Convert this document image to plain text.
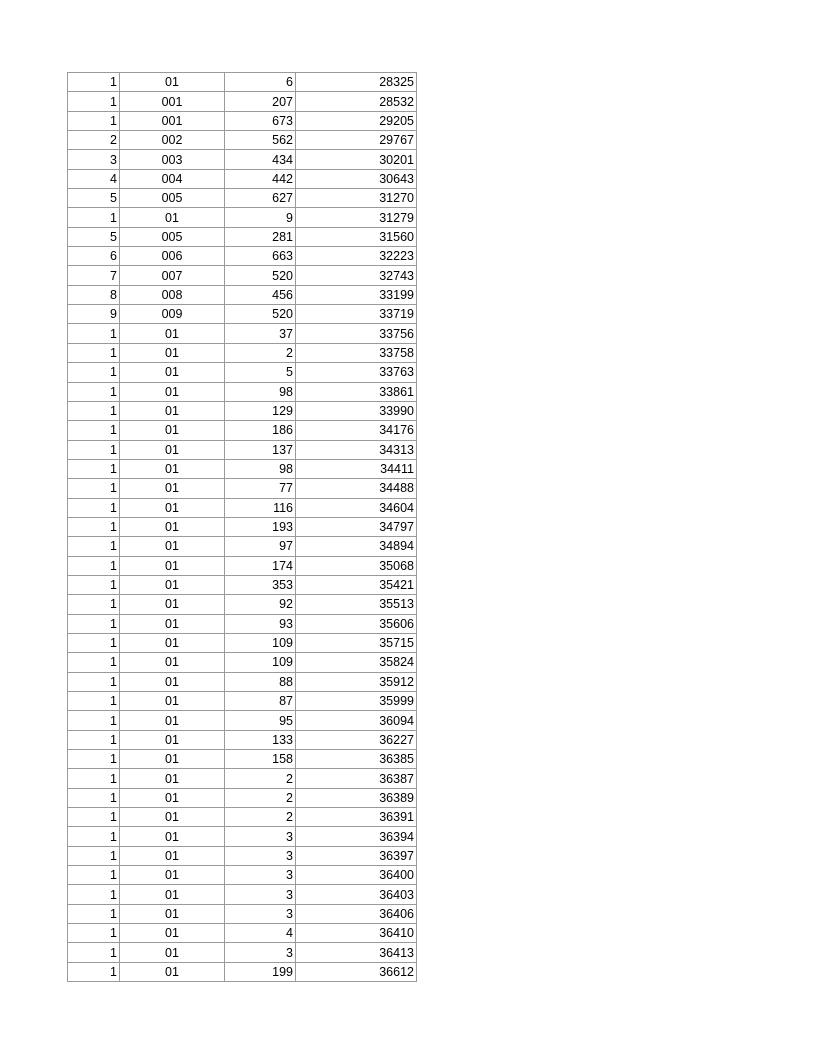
1	01	6	28325
1	001	207	28532
1	001	673	29205
2	002	562	29767
3	003	434	30201
4	004	442	30643
5	005	627	31270
1	01	9	31279
5	005	281	31560
6	006	663	32223
7	007	520	32743
8	008	456	33199
9	009	520	33719
1	01	37	33756
1	01	2	33758
1	01	5	33763
1	01	98	33861
1	01	129	33990
1	01	186	34176
1	01	137	34313
1	01	98	34411
1	01	77	34488
1	01	116	34604
1	01	193	34797
1	01	97	34894
1	01	174	35068
1	01	353	35421
1	01	92	35513
1	01	93	35606
1	01	109	35715
1	01	109	35824
1	01	88	35912
1	01	87	35999
1	01	95	36094
1	01	133	36227
1	01	158	36385
1	01	2	36387
1	01	2	36389
1	01	2	36391
1	01	3	36394
1	01	3	36397
1	01	3	36400
1	01	3	36403
1	01	3	36406
1	01	4	36410
1	01	3	36413
1	01	199	36612
